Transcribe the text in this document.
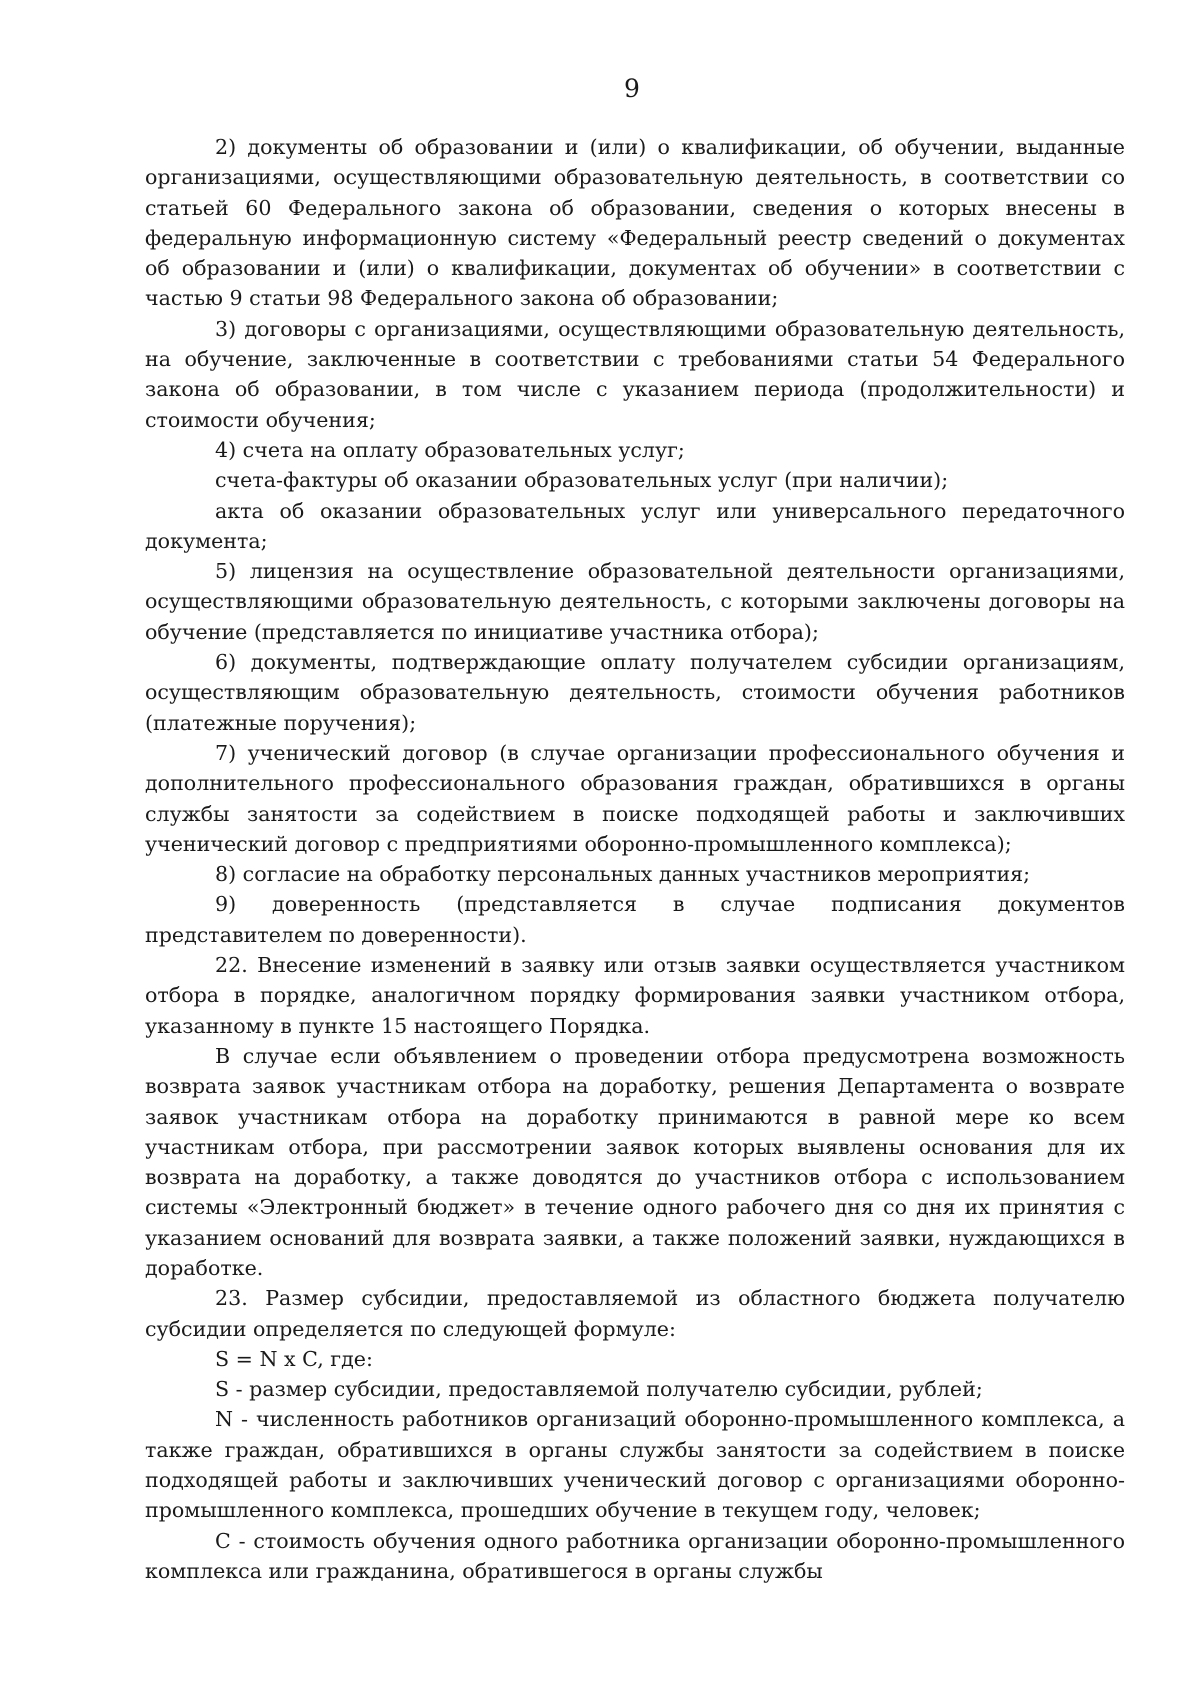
9

2) документы об образовании и (или) о квалификации, об обучении, выданные организациями, осуществляющими образовательную деятельность, в соответствии со статьей 60 Федерального закона об образовании, сведения о которых внесены в федеральную информационную систему «Федеральный реестр сведений о документах об образовании и (или) о квалификации, документах об обучении» в соответствии с частью 9 статьи 98 Федерального закона об образовании;

3) договоры с организациями, осуществляющими образовательную деятельность, на обучение, заключенные в соответствии с требованиями статьи 54 Федерального закона об образовании, в том числе с указанием периода (продолжительности) и стоимости обучения;

4) счета на оплату образовательных услуг;

счета-фактуры об оказании образовательных услуг (при наличии);

акта об оказании образовательных услуг или универсального передаточного документа;

5) лицензия на осуществление образовательной деятельности организациями, осуществляющими образовательную деятельность, с которыми заключены договоры на обучение (представляется по инициативе участника отбора);

6) документы, подтверждающие оплату получателем субсидии организациям, осуществляющим образовательную деятельность, стоимости обучения работников (платежные поручения);

7) ученический договор (в случае организации профессионального обучения и дополнительного профессионального образования граждан, обратившихся в органы службы занятости за содействием в поиске подходящей работы и заключивших ученический договор с предприятиями оборонно-промышленного комплекса);

8) согласие на обработку персональных данных участников мероприятия;

9) доверенность (представляется в случае подписания документов представителем по доверенности).

22. Внесение изменений в заявку или отзыв заявки осуществляется участником отбора в порядке, аналогичном порядку формирования заявки участником отбора, указанному в пункте 15 настоящего Порядка.

В случае если объявлением о проведении отбора предусмотрена возможность возврата заявок участникам отбора на доработку, решения Департамента о возврате заявок участникам отбора на доработку принимаются в равной мере ко всем участникам отбора, при рассмотрении заявок которых выявлены основания для их возврата на доработку, а также доводятся до участников отбора с использованием системы «Электронный бюджет» в течение одного рабочего дня со дня их принятия с указанием оснований для возврата заявки, а также положений заявки, нуждающихся в доработке.

23. Размер субсидии, предоставляемой из областного бюджета получателю субсидии определяется по следующей формуле:

S = N x C, где:

S - размер субсидии, предоставляемой получателю субсидии, рублей;

N - численность работников организаций оборонно-промышленного комплекса, а также граждан, обратившихся в органы службы занятости за содействием в поиске подходящей работы и заключивших ученический договор с организациями оборонно-промышленного комплекса, прошедших обучение в текущем году, человек;

C - стоимость обучения одного работника организации оборонно-промышленного комплекса или гражданина, обратившегося в органы службы
